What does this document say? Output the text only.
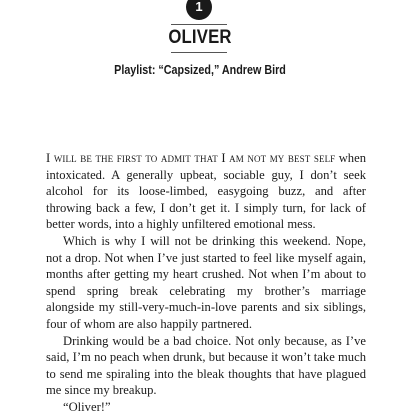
1
OLIVER
Playlist: “Capsized,” Andrew Bird

I will be the first to admit that I am not my best self when intoxicated. A generally upbeat, sociable guy, I don’t seek alcohol for its loose-limbed, easygoing buzz, and after throwing back a few, I don’t get it. I simply turn, for lack of better words, into a highly unfiltered emotional mess.

Which is why I will not be drinking this weekend. Nope, not a drop. Not when I’ve just started to feel like myself again, months after getting my heart crushed. Not when I’m about to spend spring break celebrating my brother’s marriage alongside my still-very-much-in-love parents and six siblings, four of whom are also happily partnered.

Drinking would be a bad choice. Not only because, as I’ve said, I’m no peach when drunk, but because it won’t take much to send me spiraling into the bleak thoughts that have plagued me since my breakup.

“Oliver!”
